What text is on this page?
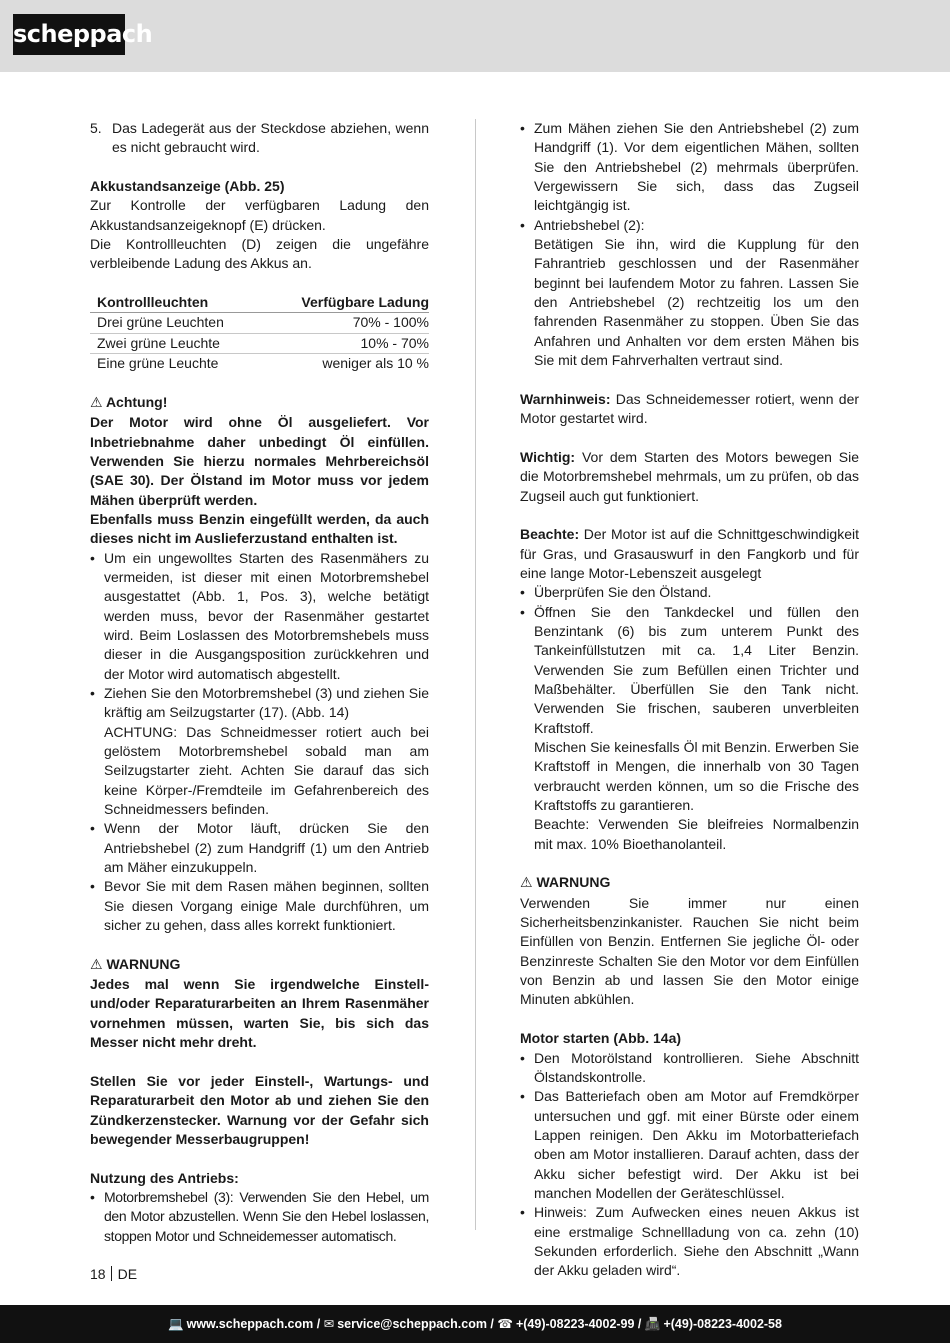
scheppach
5. Das Ladegerät aus der Steckdose abziehen, wenn es nicht gebraucht wird.

Akkustandsanzeige (Abb. 25)

Zur Kontrolle der verfügbaren Ladung den Akkustandsanzeigeknopf (E) drücken.

Die Kontrollleuchten (D) zeigen die ungefähre verbleibende Ladung des Akkus an.

Kontrollleuchten	Verfügbare Ladung
Drei grüne Leuchten	70% - 100%
Zwei grüne Leuchte	10% - 70%
Eine grüne Leuchte	weniger als 10 %

⚠ Achtung!

Der Motor wird ohne Öl ausgeliefert. Vor Inbetriebnahme daher unbedingt Öl einfüllen. Verwenden Sie hierzu normales Mehrbereichsöl (SAE 30). Der Ölstand im Motor muss vor jedem Mähen überprüft werden.

Ebenfalls muss Benzin eingefüllt werden, da auch dieses nicht im Auslieferzustand enthalten ist.

• Um ein ungewolltes Starten des Rasenmähers zu vermeiden, ist dieser mit einen Motorbremshebel ausgestattet (Abb. 1, Pos. 3), welche betätigt werden muss, bevor der Rasenmäher gestartet wird. Beim Loslassen des Motorbremshebels muss dieser in die Ausgangsposition zurückkehren und der Motor wird automatisch abgestellt.
• Ziehen Sie den Motorbremshebel (3) und ziehen Sie kräftig am Seilzugstarter (17). (Abb. 14)
ACHTUNG: Das Schneidmesser rotiert auch bei gelöstem Motorbremshebel sobald man am Seilzugstarter zieht. Achten Sie darauf das sich keine Körper-/Fremdteile im Gefahrenbereich des Schneidmessers befinden.
• Wenn der Motor läuft, drücken Sie den Antriebshebel (2) zum Handgriff (1) um den Antrieb am Mäher einzukuppeln.
• Bevor Sie mit dem Rasen mähen beginnen, sollten Sie diesen Vorgang einige Male durchführen, um sicher zu gehen, dass alles korrekt funktioniert.

⚠ WARNUNG

Jedes mal wenn Sie irgendwelche Einstell- und/oder Reparaturarbeiten an Ihrem Rasenmäher vornehmen müssen, warten Sie, bis sich das Messer nicht mehr dreht.

Stellen Sie vor jeder Einstell-, Wartungs- und Reparaturarbeit den Motor ab und ziehen Sie den Zündkerzenstecker. Warnung vor der Gefahr sich bewegender Messerbaugruppen!

Nutzung des Antriebs:

• Motorbremshebel (3): Verwenden Sie den Hebel, um den Motor abzustellen. Wenn Sie den Hebel loslassen, stoppen Motor und Schneidemesser automatisch.
• Zum Mähen ziehen Sie den Antriebshebel (2) zum Handgriff (1). Vor dem eigentlichen Mähen, sollten Sie den Antriebshebel (2) mehrmals überprüfen. Vergewissern Sie sich, dass das Zugseil leichtgängig ist.
• Antriebshebel (2):
Betätigen Sie ihn, wird die Kupplung für den Fahrantrieb geschlossen und der Rasenmäher beginnt bei laufendem Motor zu fahren. Lassen Sie den Antriebshebel (2) rechtzeitig los um den fahrenden Rasenmäher zu stoppen. Üben Sie das Anfahren und Anhalten vor dem ersten Mähen bis Sie mit dem Fahrverhalten vertraut sind.

Warnhinweis: Das Schneidemesser rotiert, wenn der Motor gestartet wird.

Wichtig: Vor dem Starten des Motors bewegen Sie die Motorbremshebel mehrmals, um zu prüfen, ob das Zugseil auch gut funktioniert.

Beachte: Der Motor ist auf die Schnittgeschwindigkeit für Gras, und Grasauswurf in den Fangkorb und für eine lange Motor-Lebenszeit ausgelegt

• Überprüfen Sie den Ölstand.
• Öffnen Sie den Tankdeckel und füllen den Benzintank (6) bis zum unterem Punkt des Tankeinfüllstutzen mit ca. 1,4 Liter Benzin. Verwenden Sie zum Befüllen einen Trichter und Maßbehälter. Überfüllen Sie den Tank nicht. Verwenden Sie frischen, sauberen unverbleiten Kraftstoff.
Mischen Sie keinesfalls Öl mit Benzin. Erwerben Sie Kraftstoff in Mengen, die innerhalb von 30 Tagen verbraucht werden können, um so die Frische des Kraftstoffs zu garantieren.
Beachte: Verwenden Sie bleifreies Normalbenzin mit max. 10% Bioethanolanteil.

⚠ WARNUNG

Verwenden Sie immer nur einen Sicherheitsbenzinkanister. Rauchen Sie nicht beim Einfüllen von Benzin. Entfernen Sie jegliche Öl- oder Benzinreste Schalten Sie den Motor vor dem Einfüllen von Benzin ab und lassen Sie den Motor einige Minuten abkühlen.

Motor starten (Abb. 14a)

• Den Motorölstand kontrollieren. Siehe Abschnitt Ölstandskontrolle.
• Das Batteriefach oben am Motor auf Fremdkörper untersuchen und ggf. mit einer Bürste oder einem Lappen reinigen. Den Akku im Motorbatteriefach oben am Motor installieren. Darauf achten, dass der Akku sicher befestigt wird. Der Akku ist bei manchen Modellen der Geräteschlüssel.
• Hinweis: Zum Aufwecken eines neuen Akkus ist eine erstmalige Schnellladung von ca. zehn (10) Sekunden erforderlich. Siehe den Abschnitt „Wann der Akku geladen wird“.
18 DE
💻 www.scheppach.com / ✉ service@scheppach.com / ☎ +(49)-08223-4002-99 / 📠 +(49)-08223-4002-58
